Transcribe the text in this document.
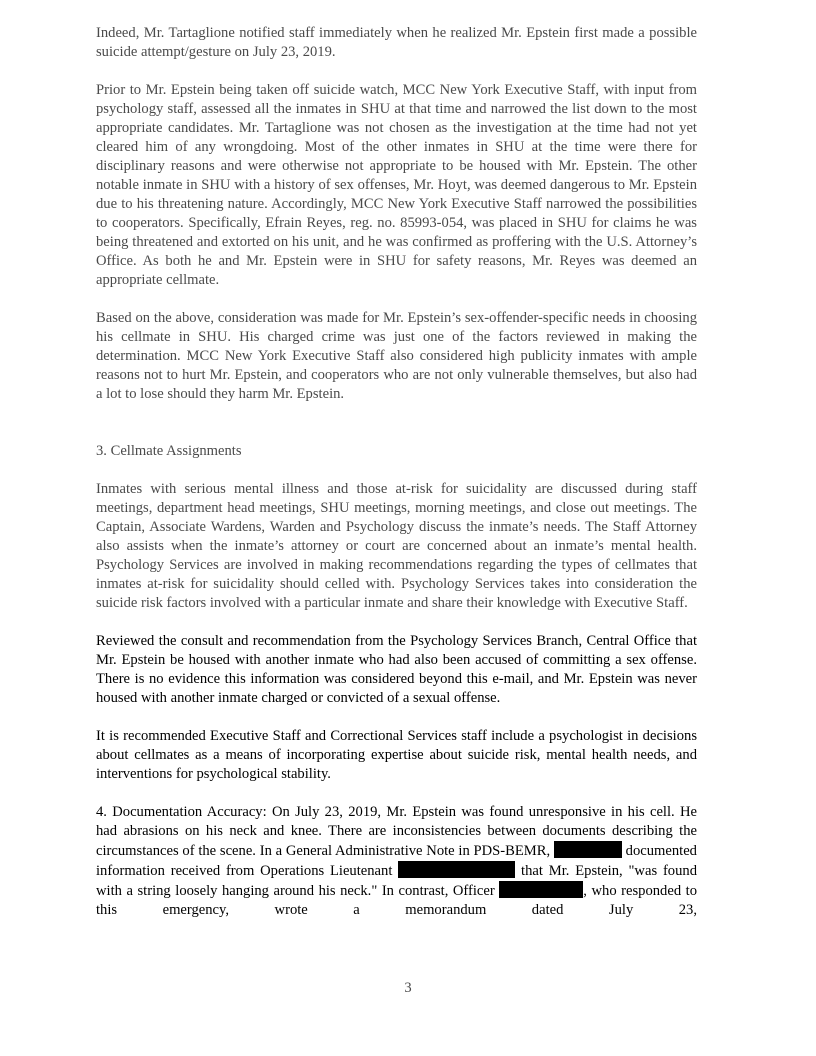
Indeed, Mr. Tartaglione notified staff immediately when he realized Mr. Epstein first made a possible suicide attempt/gesture on July 23, 2019.

Prior to Mr. Epstein being taken off suicide watch, MCC New York Executive Staff, with input from psychology staff, assessed all the inmates in SHU at that time and narrowed the list down to the most appropriate candidates. Mr. Tartaglione was not chosen as the investigation at the time had not yet cleared him of any wrongdoing. Most of the other inmates in SHU at the time were there for disciplinary reasons and were otherwise not appropriate to be housed with Mr. Epstein. The other notable inmate in SHU with a history of sex offenses, Mr. Hoyt, was deemed dangerous to Mr. Epstein due to his threatening nature. Accordingly, MCC New York Executive Staff narrowed the possibilities to cooperators. Specifically, Efrain Reyes, reg. no. 85993-054, was placed in SHU for claims he was being threatened and extorted on his unit, and he was confirmed as proffering with the U.S. Attorney’s Office. As both he and Mr. Epstein were in SHU for safety reasons, Mr. Reyes was deemed an appropriate cellmate.

Based on the above, consideration was made for Mr. Epstein’s sex-offender-specific needs in choosing his cellmate in SHU. His charged crime was just one of the factors reviewed in making the determination. MCC New York Executive Staff also considered high publicity inmates with ample reasons not to hurt Mr. Epstein, and cooperators who are not only vulnerable themselves, but also had a lot to lose should they harm Mr. Epstein.

3. Cellmate Assignments

Inmates with serious mental illness and those at-risk for suicidality are discussed during staff meetings, department head meetings, SHU meetings, morning meetings, and close out meetings. The Captain, Associate Wardens, Warden and Psychology discuss the inmate’s needs. The Staff Attorney also assists when the inmate’s attorney or court are concerned about an inmate’s mental health. Psychology Services are involved in making recommendations regarding the types of cellmates that inmates at-risk for suicidality should celled with. Psychology Services takes into consideration the suicide risk factors involved with a particular inmate and share their knowledge with Executive Staff.

Reviewed the consult and recommendation from the Psychology Services Branch, Central Office that Mr. Epstein be housed with another inmate who had also been accused of committing a sex offense. There is no evidence this information was considered beyond this e-mail, and Mr. Epstein was never housed with another inmate charged or convicted of a sexual offense.

It is recommended Executive Staff and Correctional Services staff include a psychologist in decisions about cellmates as a means of incorporating expertise about suicide risk, mental health needs, and interventions for psychological stability.

4. Documentation Accuracy: On July 23, 2019, Mr. Epstein was found unresponsive in his cell. He had abrasions on his neck and knee. There are inconsistencies between documents describing the circumstances of the scene. In a General Administrative Note in PDS-BEMR,	documented information received from Operations Lieutenant	that Mr. Epstein, "was found with a string loosely hanging around his neck." In contrast, Officer	, who responded to this emergency, wrote a memorandum dated July 23,

3
